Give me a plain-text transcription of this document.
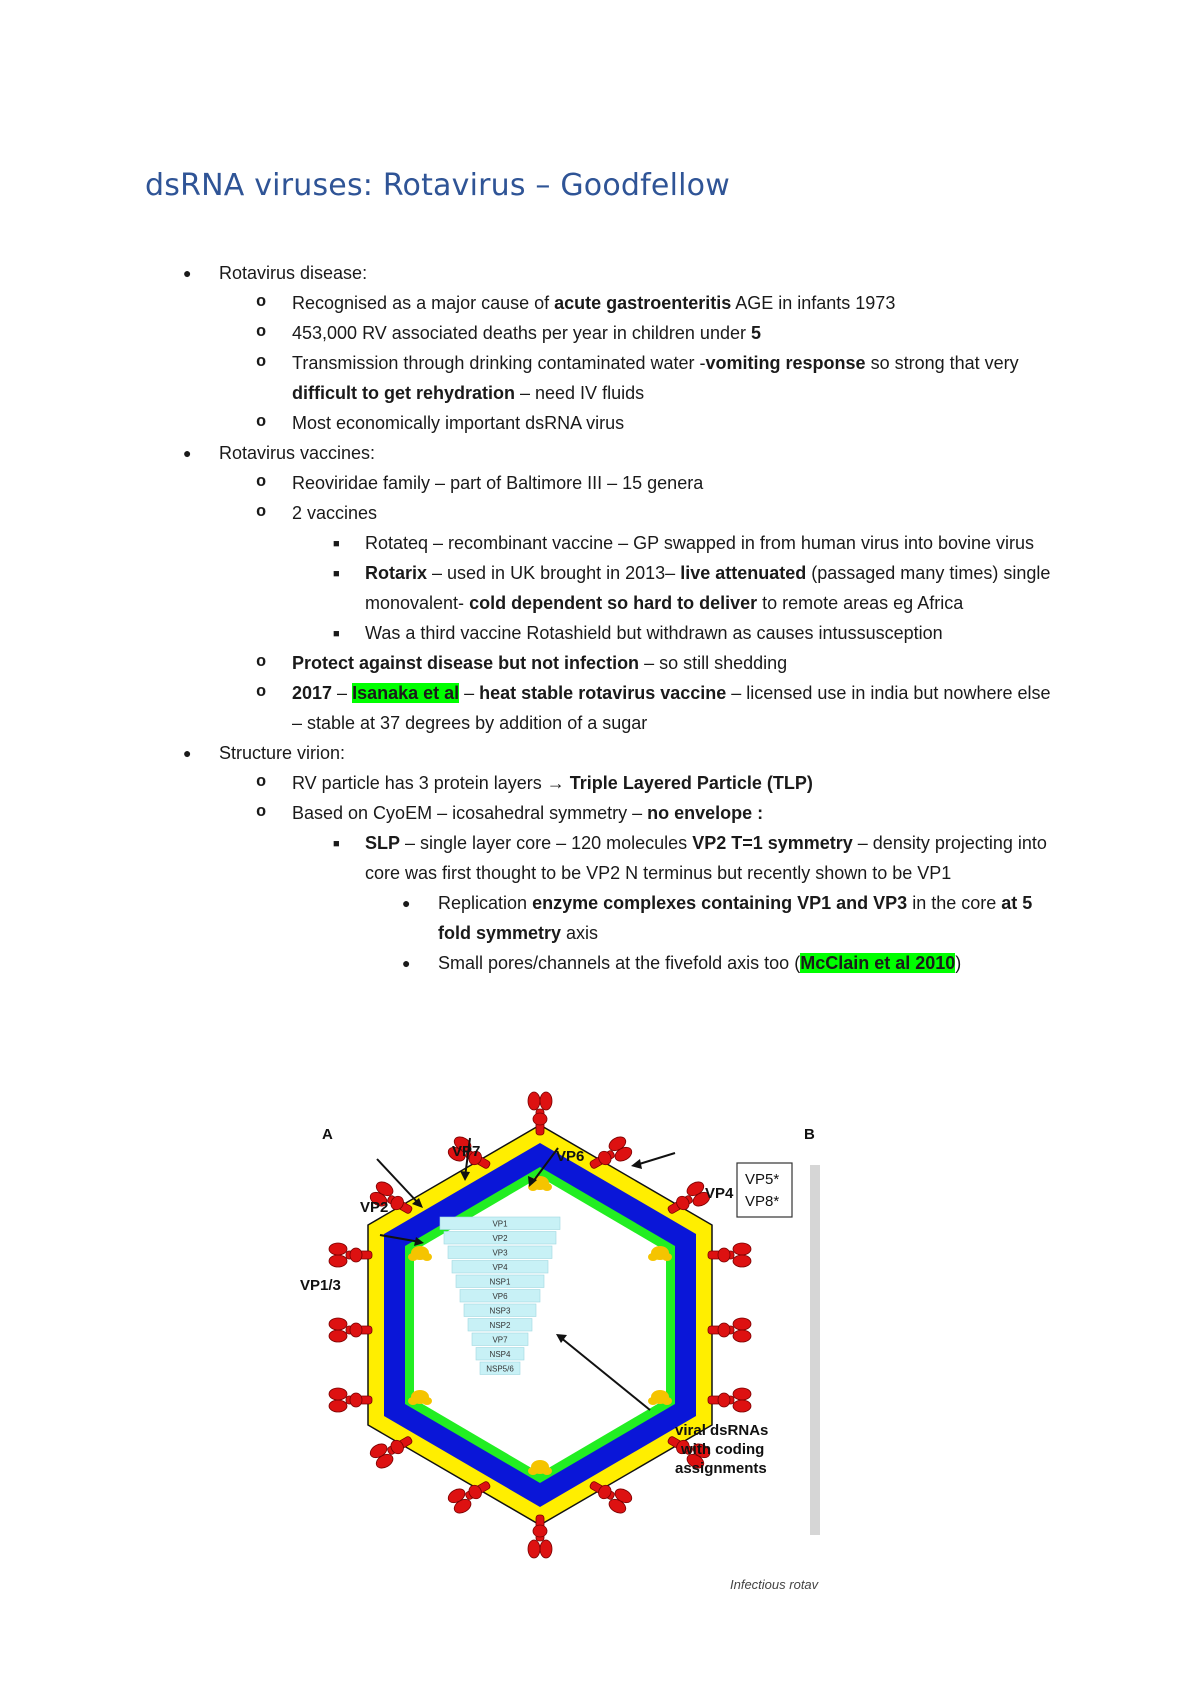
dsRNA viruses: Rotavirus – Goodfellow
● Rotavirus disease:
o Recognised as a major cause of acute gastroenteritis AGE in infants 1973
o 453,000 RV associated deaths per year in children under 5
o Transmission through drinking contaminated water -vomiting response so strong that very difficult to get rehydration – need IV fluids
o Most economically important dsRNA virus
● Rotavirus vaccines:
o Reoviridae family – part of Baltimore III – 15 genera
o 2 vaccines
■ Rotateq – recombinant vaccine – GP swapped in from human virus into bovine virus
■ Rotarix – used in UK brought in 2013– live attenuated (passaged many times) single monovalent- cold dependent so hard to deliver to remote areas eg Africa
■ Was a third vaccine Rotashield but withdrawn as causes intussusception
o Protect against disease but not infection – so still shedding
o 2017 – Isanaka et al – heat stable rotavirus vaccine – licensed use in india but nowhere else – stable at 37 degrees by addition of a sugar
● Structure virion:
o RV particle has 3 protein layers → Triple Layered Particle (TLP)
o Based on CyoEM – icosahedral symmetry – no envelope :
■ SLP – single layer core – 120 molecules VP2 T=1 symmetry – density projecting into core was first thought to be VP2 N terminus but recently shown to be VP1
● Replication enzyme complexes containing VP1 and VP3 in the core at 5 fold symmetry axis
● Small pores/channels at the fivefold axis too (McClain et al 2010)
VP1
VP2
VP3
VP4
NSP1
VP6
NSP3
NSP2
VP7
NSP4
NSP5/6
A	B
VP7	VP6
VP2
VP1/3
VP4
viral dsRNAs
with coding
assignments
VP5*
VP8*
Infectious rotav
